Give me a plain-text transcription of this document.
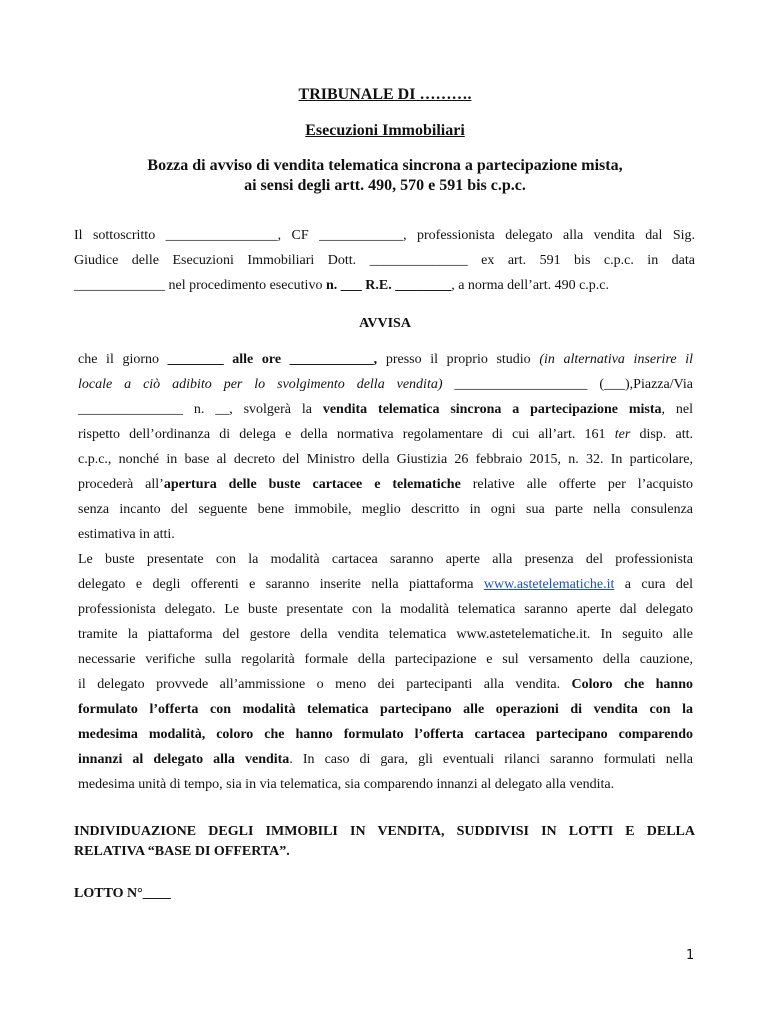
TRIBUNALE DI ……….
Esecuzioni Immobiliari
Bozza di avviso di vendita telematica sincrona a partecipazione mista,
ai sensi degli artt. 490, 570 e 591 bis c.p.c.
Il sottoscritto ________________, CF ____________, professionista delegato alla vendita dal Sig.
Giudice delle Esecuzioni Immobiliari Dott. ______________ ex art. 591 bis c.p.c. in data
_____________ nel procedimento esecutivo n. ___ R.E. ________, a norma dell’art. 490 c.p.c.
AVVISA
che il giorno ________ alle ore ____________, presso il proprio studio (in alternativa inserire il
locale a ciò adibito per lo svolgimento della vendita) ___________________ (___),Piazza/Via
_______________ n. __, svolgerà la vendita telematica sincrona a partecipazione mista, nel
rispetto dell’ordinanza di delega e della normativa regolamentare di cui all’art. 161 ter disp. att.
c.p.c., nonché in base al decreto del Ministro della Giustizia 26 febbraio 2015, n. 32. In particolare,
procederà all’apertura delle buste cartacee e telematiche relative alle offerte per l’acquisto
senza incanto del seguente bene immobile, meglio descritto in ogni sua parte nella consulenza
estimativa in atti.
Le buste presentate con la modalità cartacea saranno aperte alla presenza del professionista
delegato e degli offerenti e saranno inserite nella piattaforma www.astetelematiche.it a cura del
professionista delegato. Le buste presentate con la modalità telematica saranno aperte dal delegato
tramite la piattaforma del gestore della vendita telematica www.astetelematiche.it. In seguito alle
necessarie verifiche sulla regolarità formale della partecipazione e sul versamento della cauzione,
il delegato provvede all’ammissione o meno dei partecipanti alla vendita. Coloro che hanno
formulato l’offerta con modalità telematica partecipano alle operazioni di vendita con la
medesima modalità, coloro che hanno formulato l’offerta cartacea partecipano comparendo
innanzi al delegato alla vendita. In caso di gara, gli eventuali rilanci saranno formulati nella
medesima unità di tempo, sia in via telematica, sia comparendo innanzi al delegato alla vendita.
INDIVIDUAZIONE DEGLI IMMOBILI IN VENDITA, SUDDIVISI IN LOTTI E DELLA
RELATIVA “BASE DI OFFERTA”.
LOTTO N°____
1
